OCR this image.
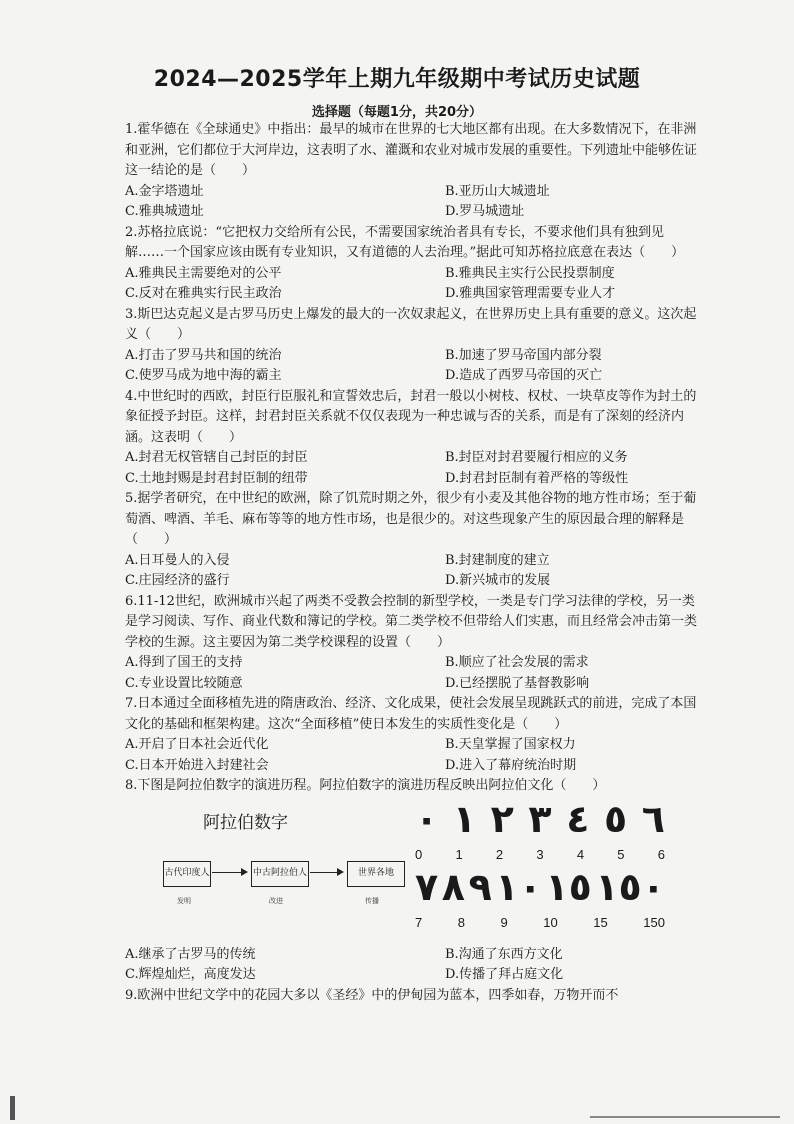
2024—2025学年上期九年级期中考试历史试题
选择题（每题1分，共20分）
1.霍华德在《全球通史》中指出：最早的城市在世界的七大地区都有出现。在大多数情况下，在非洲和亚洲，它们都位于大河岸边，这表明了水、灌溉和农业对城市发展的重要性。下列遗址中能够佐证这一结论的是（　　）
A.金字塔遗址	B.亚历山大城遗址
C.雅典城遗址	D.罗马城遗址
2.苏格拉底说：“它把权力交给所有公民，不需要国家统治者具有专长，不要求他们具有独到见解……一个国家应该由既有专业知识，又有道德的人去治理。”据此可知苏格拉底意在表达（　　）
A.雅典民主需要绝对的公平	B.雅典民主实行公民投票制度
C.反对在雅典实行民主政治	D.雅典国家管理需要专业人才
3.斯巴达克起义是古罗马历史上爆发的最大的一次奴隶起义，在世界历史上具有重要的意义。这次起义（　　）
A.打击了罗马共和国的统治	B.加速了罗马帝国内部分裂
C.使罗马成为地中海的霸主	D.造成了西罗马帝国的灭亡
4.中世纪时的西欧，封臣行臣服礼和宣誓效忠后，封君一般以小树枝、权杖、一块草皮等作为封土的象征授予封臣。这样，封君封臣关系就不仅仅表现为一种忠诚与否的关系，而是有了深刻的经济内涵。这表明（　　）
A.封君无权管辖自己封臣的封臣	B.封臣对封君要履行相应的义务
C.土地封赐是封君封臣制的纽带	D.封君封臣制有着严格的等级性
5.据学者研究，在中世纪的欧洲，除了饥荒时期之外，很少有小麦及其他谷物的地方性市场；至于葡萄酒、啤酒、羊毛、麻布等等的地方性市场，也是很少的。对这些现象产生的原因最合理的解释是（　　）
A.日耳曼人的入侵	B.封建制度的建立
C.庄园经济的盛行	D.新兴城市的发展
6.11-12世纪，欧洲城市兴起了两类不受教会控制的新型学校，一类是专门学习法律的学校，另一类是学习阅读、写作、商业代数和簿记的学校。第二类学校不但带给人们实惠，而且经常会冲击第一类学校的生源。这主要因为第二类学校课程的设置（　　）
A.得到了国王的支持	B.顺应了社会发展的需求
C.专业设置比较随意	D.已经摆脱了基督教影响
7.日本通过全面移植先进的隋唐政治、经济、文化成果，使社会发展呈现跳跃式的前进，完成了本国文化的基础和框架构建。这次“全面移植”使日本发生的实质性变化是（　　）
A.开启了日本社会近代化	B.天皇掌握了国家权力
C.日本开始进入封建社会	D.进入了幕府统治时期
8.下图是阿拉伯数字的演进历程。阿拉伯数字的演进历程反映出阿拉伯文化（　　）
阿拉伯数字
古代印度人
发明
中古阿拉伯人
改进
世界各地
传播
٠ ١ ٢ ٣ ٤ ٥ ٦
0	1	2	3	4	5	6
٧ ٨ ٩ ١٠ ١٥ ١٥٠
7	8	9	10	15	150
A.继承了古罗马的传统	B.沟通了东西方文化
C.辉煌灿烂，高度发达	D.传播了拜占庭文化
9.欧洲中世纪文学中的花园大多以《圣经》中的伊甸园为蓝本，四季如春，万物开而不
